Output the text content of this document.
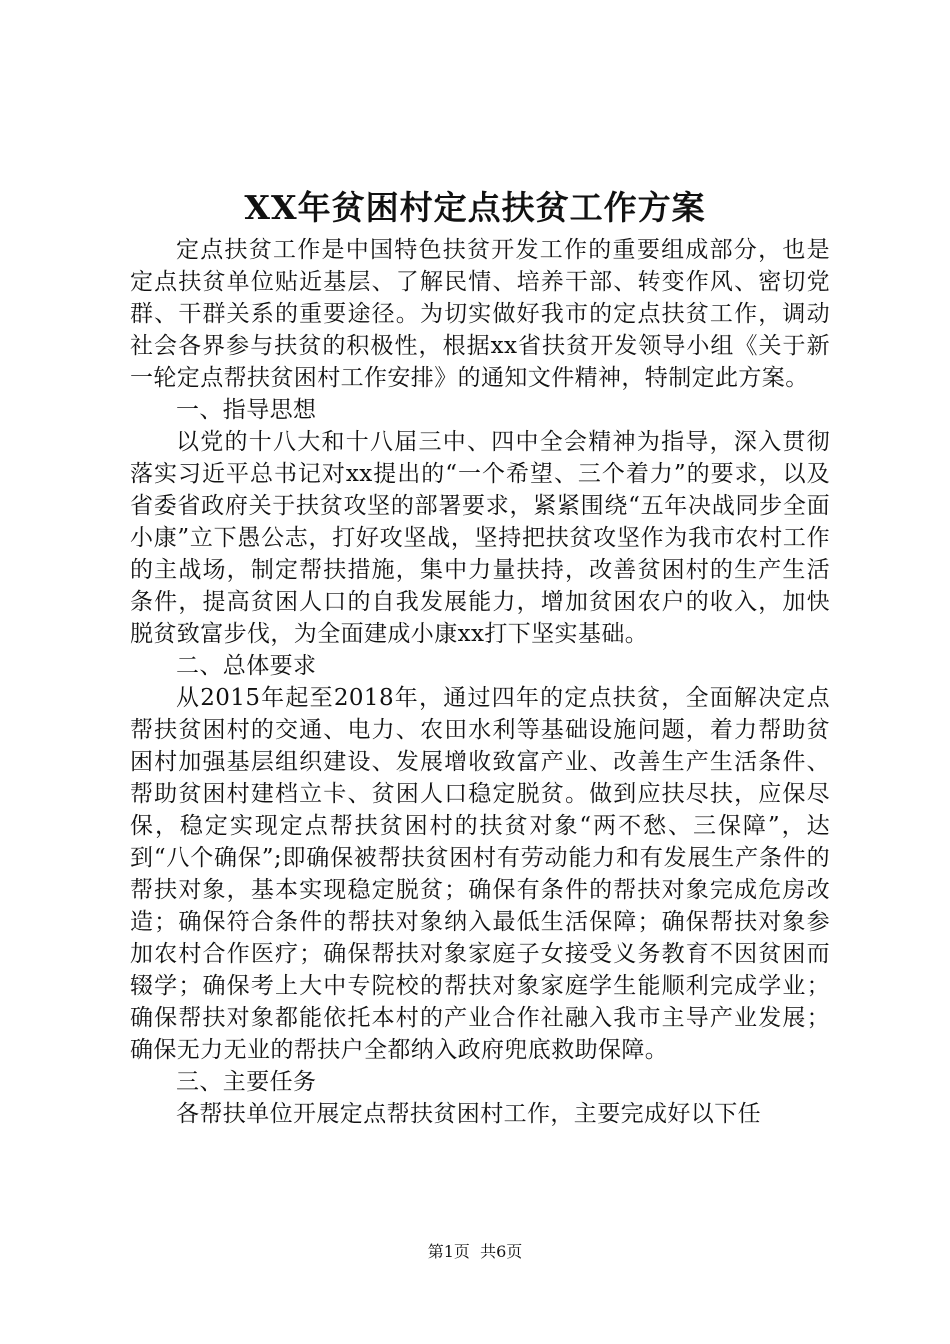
XX年贫困村定点扶贫工作方案

定点扶贫工作是中国特色扶贫开发工作的重要组成部分，也是定点扶贫单位贴近基层、了解民情、培养干部、转变作风、密切党群、干群关系的重要途径。为切实做好我市的定点扶贫工作，调动社会各界参与扶贫的积极性，根据xx省扶贫开发领导小组《关于新一轮定点帮扶贫困村工作安排》的通知文件精神，特制定此方案。

一、指导思想

以党的十八大和十八届三中、四中全会精神为指导，深入贯彻落实习近平总书记对xx提出的“一个希望、三个着力”的要求，以及省委省政府关于扶贫攻坚的部署要求，紧紧围绕“五年决战同步全面小康”立下愚公志，打好攻坚战，坚持把扶贫攻坚作为我市农村工作的主战场，制定帮扶措施，集中力量扶持，改善贫困村的生产生活条件，提高贫困人口的自我发展能力，增加贫困农户的收入，加快脱贫致富步伐，为全面建成小康xx打下坚实基础。

二、总体要求

从2015年起至2018年，通过四年的定点扶贫，全面解决定点帮扶贫困村的交通、电力、农田水利等基础设施问题，着力帮助贫困村加强基层组织建设、发展增收致富产业、改善生产生活条件、帮助贫困村建档立卡、贫困人口稳定脱贫。做到应扶尽扶，应保尽保，稳定实现定点帮扶贫困村的扶贫对象“两不愁、三保障”，达到“八个确保”;即确保被帮扶贫困村有劳动能力和有发展生产条件的帮扶对象，基本实现稳定脱贫；确保有条件的帮扶对象完成危房改造；确保符合条件的帮扶对象纳入最低生活保障；确保帮扶对象参加农村合作医疗；确保帮扶对象家庭子女接受义务教育不因贫困而辍学；确保考上大中专院校的帮扶对象家庭学生能顺利完成学业；确保帮扶对象都能依托本村的产业合作社融入我市主导产业发展；确保无力无业的帮扶户全都纳入政府兜底救助保障。

三、主要任务

各帮扶单位开展定点帮扶贫困村工作，主要完成好以下任

第1页  共6页
